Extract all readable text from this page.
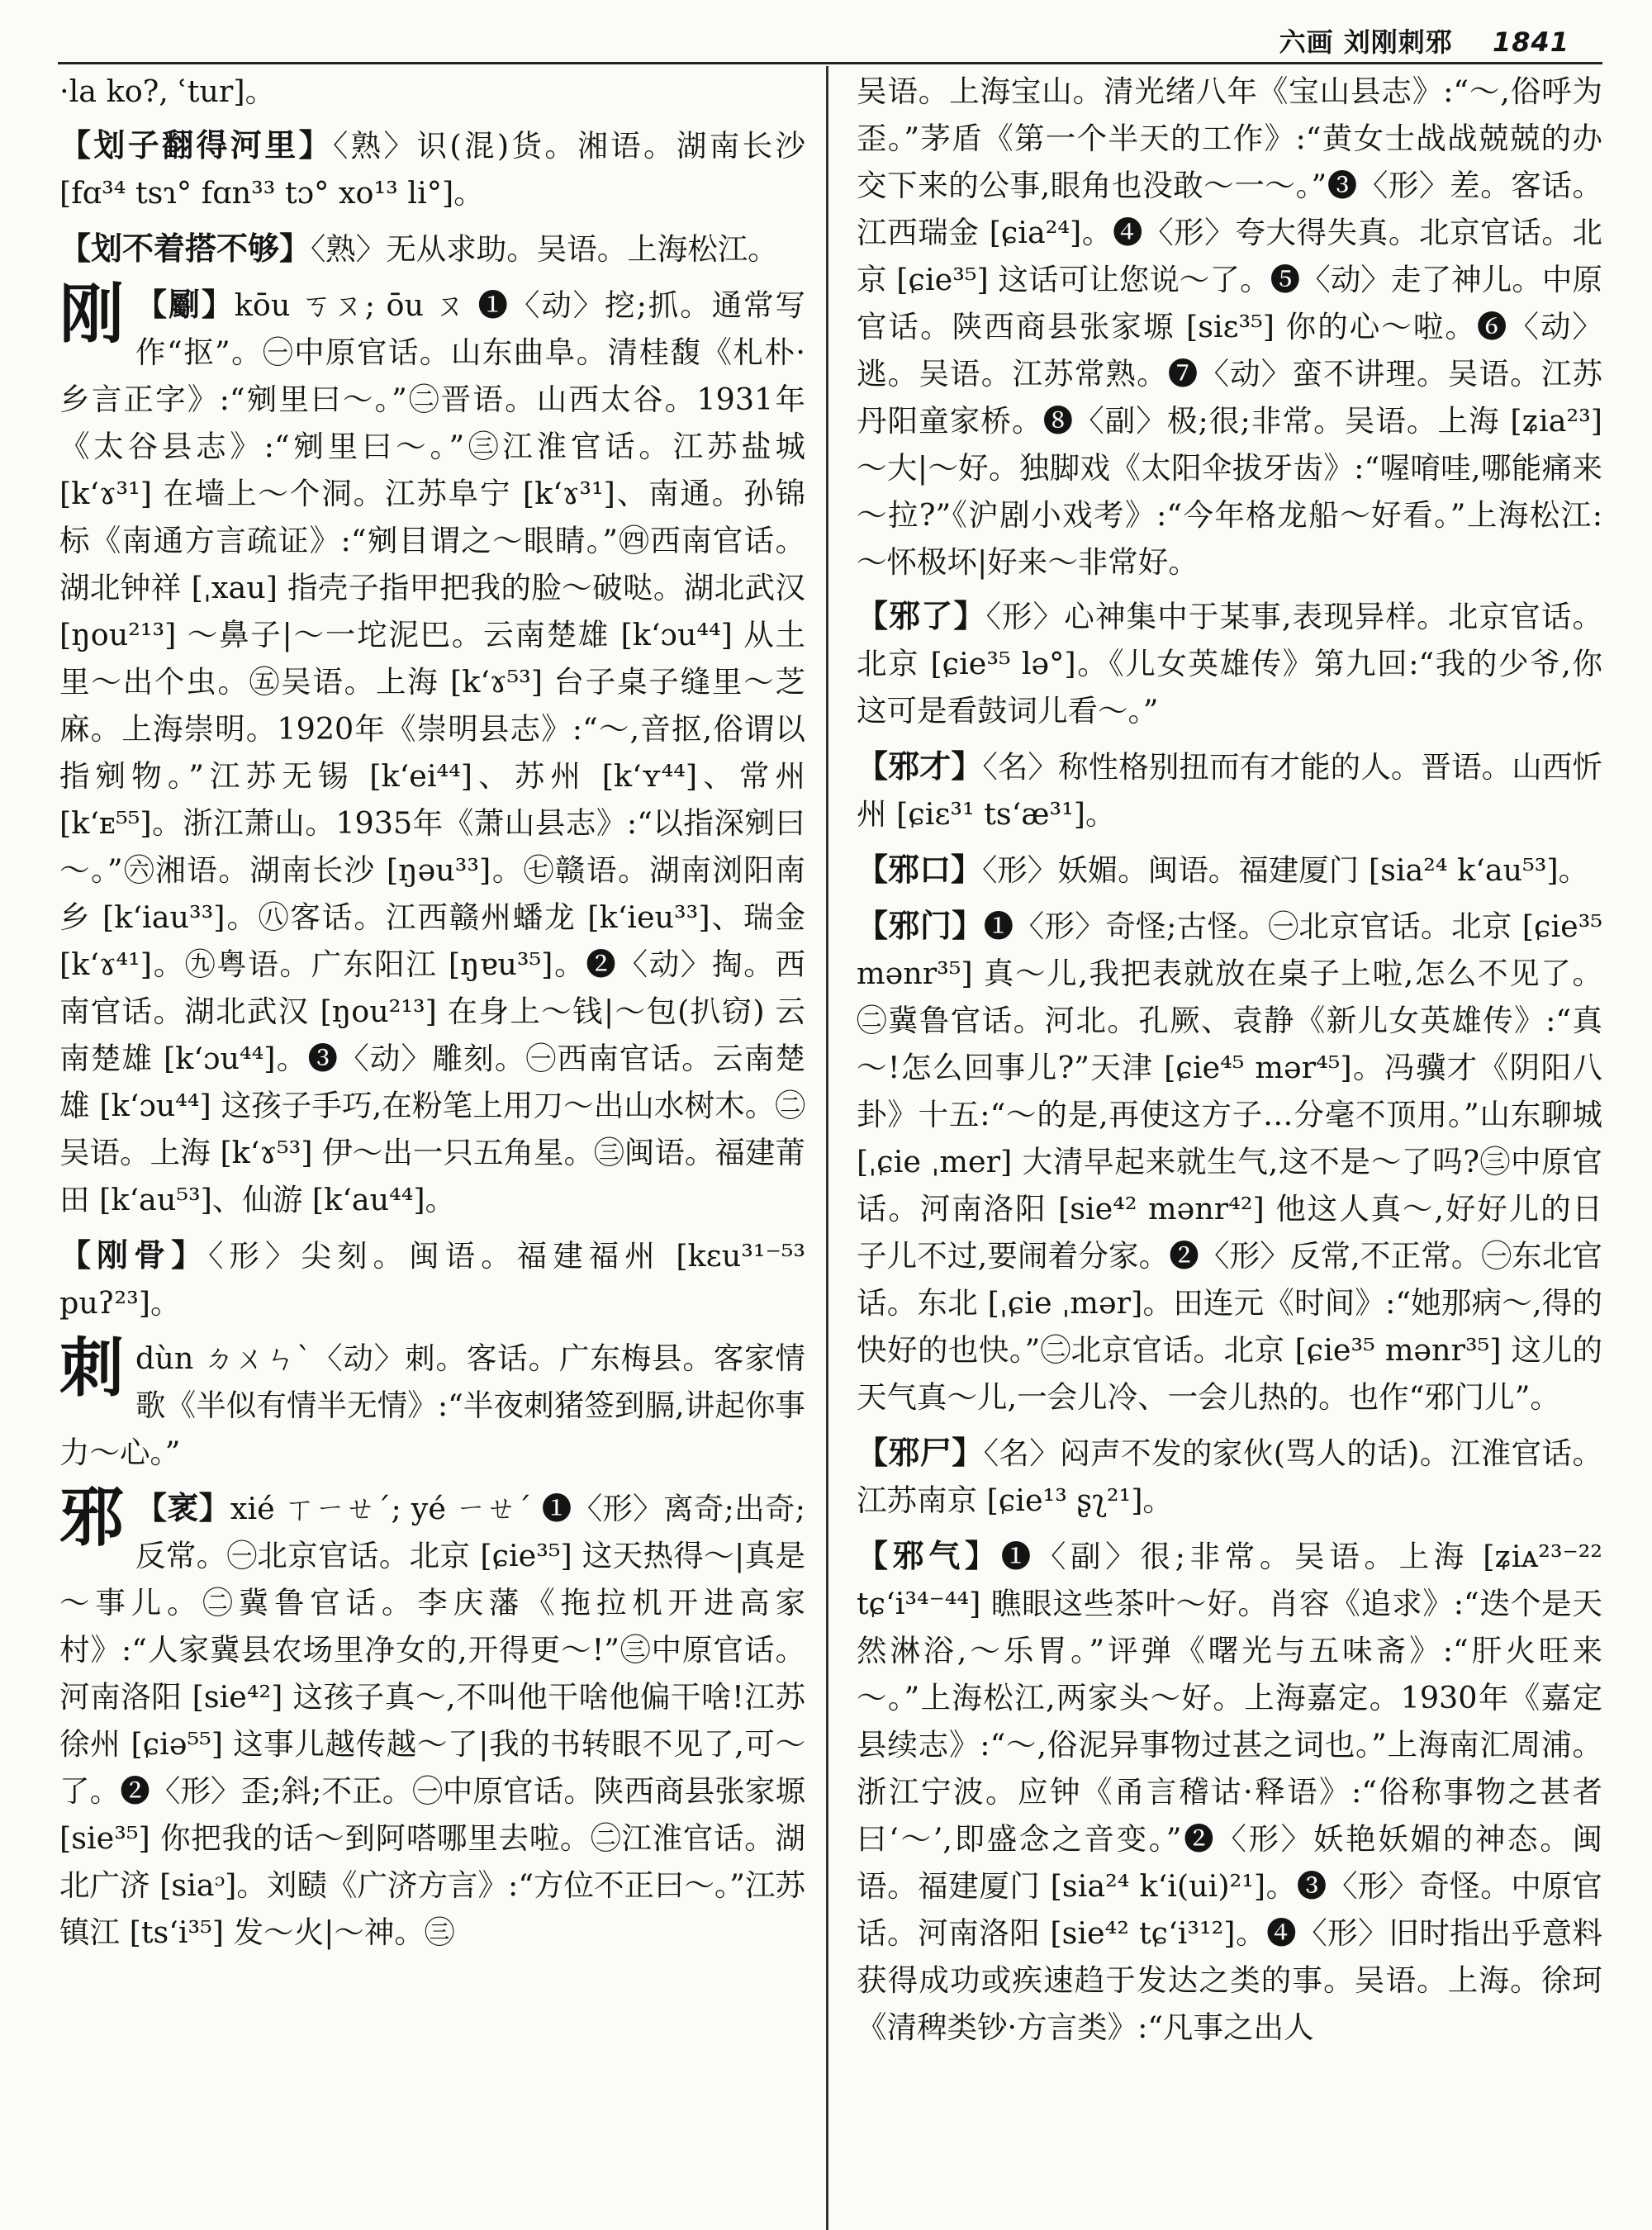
六画 刘刚刺邪 1841

·la ko?, ʿtur]。

【划子翻得河里】〈熟〉识(混)货。湘语。湖南长沙 [fɑ³⁴ tsɿ° fɑn³³ tɔ° xo¹³ li°]。

【划不着搭不够】〈熟〉无从求助。吴语。上海松江。

刚 【劚】kōu ㄎㄡ; ōu ㄡ ❶〈动〉挖;抓。通常写作“抠”。㊀中原官话。山东曲阜。清桂馥《札朴·乡言正字》:“剜里曰～。”㊁晋语。山西太谷。1931年《太谷县志》:“剜里曰～。”㊂江淮官话。江苏盐城 [k‘ɤ³¹] 在墙上～个洞。江苏阜宁 [k‘ɤ³¹]、南通。孙锦标《南通方言疏证》:“剜目谓之～眼睛。”㊃西南官话。湖北钟祥 [ˌxau] 指壳子指甲把我的脸～破哒。湖北武汉 [ŋou²¹³] ～鼻子|～一坨泥巴。云南楚雄 [k‘ɔu⁴⁴] 从土里～出个虫。㊄吴语。上海 [k‘ɤ⁵³] 台子桌子缝里～芝麻。上海崇明。1920年《崇明县志》:“～,音抠,俗谓以指剜物。”江苏无锡 [k‘ei⁴⁴]、苏州 [k‘ʏ⁴⁴]、常州 [k‘ᴇ⁵⁵]。浙江萧山。1935年《萧山县志》:“以指深剜曰～。”㊅湘语。湖南长沙 [ŋəu³³]。㊆赣语。湖南浏阳南乡 [k‘iau³³]。㊇客话。江西赣州蟠龙 [k‘ieu³³]、瑞金 [k‘ɤ⁴¹]。㊈粤语。广东阳江 [ŋɐu³⁵]。❷〈动〉掏。西南官话。湖北武汉 [ŋou²¹³] 在身上～钱|～包(扒窃) 云南楚雄 [k‘ɔu⁴⁴]。❸〈动〉雕刻。㊀西南官话。云南楚雄 [k‘ɔu⁴⁴] 这孩子手巧,在粉笔上用刀～出山水树木。㊁吴语。上海 [k‘ɤ⁵³] 伊～出一只五角星。㊂闽语。福建莆田 [k‘au⁵³]、仙游 [k‘au⁴⁴]。

【刚骨】〈形〉尖刻。闽语。福建福州 [kɛu³¹⁻⁵³ puʔ²³]。

刺dùn ㄉㄨㄣˋ〈动〉刺。客话。广东梅县。客家情歌《半似有情半无情》:“半夜刺猪签到膈,讲起你事力～心。”

邪 【衺】xié ㄒㄧㄝˊ; yé ㄧㄝˊ ❶〈形〉离奇;出奇;反常。㊀北京官话。北京 [ɕie³⁵] 这天热得～|真是～事儿。㊁冀鲁官话。李庆藩《拖拉机开进高家村》:“人家冀县农场里净女的,开得更～!”㊂中原官话。河南洛阳 [sie⁴²] 这孩子真～,不叫他干啥他偏干啥!江苏徐州 [ɕiə⁵⁵] 这事儿越传越～了|我的书转眼不见了,可～了。❷〈形〉歪;斜;不正。㊀中原官话。陕西商县张家塬 [sie³⁵] 你把我的话～到阿嗒哪里去啦。㊁江淮官话。湖北广济 [siaᵓ]。刘赜《广济方言》:“方位不正曰～。”江苏镇江 [ts‘i³⁵] 发～火|～神。㊂

吴语。上海宝山。清光绪八年《宝山县志》:“～,俗呼为歪。”茅盾《第一个半天的工作》:“黄女士战战兢兢的办交下来的公事,眼角也没敢～一～。”❸〈形〉差。客话。江西瑞金 [ɕia²⁴]。❹〈形〉夸大得失真。北京官话。北京 [ɕie³⁵] 这话可让您说～了。❺〈动〉走了神儿。中原官话。陕西商县张家塬 [siɛ³⁵] 你的心～啦。❻〈动〉逃。吴语。江苏常熟。❼〈动〉蛮不讲理。吴语。江苏丹阳童家桥。❽〈副〉极;很;非常。吴语。上海 [ʑia²³] ～大|～好。独脚戏《太阳伞拔牙齿》:“喔唷哇,哪能痛来～拉?”《沪剧小戏考》:“今年格龙船～好看。”上海松江:～怀极坏|好来～非常好。

【邪了】〈形〉心神集中于某事,表现异样。北京官话。北京 [ɕie³⁵ lə°]。《儿女英雄传》第九回:“我的少爷,你这可是看鼓词儿看～。”

【邪才】〈名〉称性格别扭而有才能的人。晋语。山西忻州 [ɕiɛ³¹ ts‘æ³¹]。

【邪口】〈形〉妖媚。闽语。福建厦门 [sia²⁴ k‘au⁵³]。

【邪门】❶〈形〉奇怪;古怪。㊀北京官话。北京 [ɕie³⁵ mənr³⁵] 真～儿,我把表就放在桌子上啦,怎么不见了。㊁冀鲁官话。河北。孔厥、袁静《新儿女英雄传》:“真～!怎么回事儿?”天津 [ɕie⁴⁵ mər⁴⁵]。冯骥才《阴阳八卦》十五:“～的是,再使这方子…分毫不顶用。”山东聊城 [ˌɕie ˌmer] 大清早起来就生气,这不是～了吗?㊂中原官话。河南洛阳 [sie⁴² mənr⁴²] 他这人真～,好好儿的日子儿不过,要闹着分家。❷〈形〉反常,不正常。㊀东北官话。东北 [ˌɕie ˌmər]。田连元《时间》:“她那病～,得的快好的也快。”㊁北京官话。北京 [ɕie³⁵ mənr³⁵] 这儿的天气真～儿,一会儿冷、一会儿热的。也作“邪门儿”。

【邪尸】〈名〉闷声不发的家伙(骂人的话)。江淮官话。江苏南京 [ɕie¹³ ʂʅ²¹]。

【邪气】❶〈副〉很;非常。吴语。上海 [ʑiᴀ²³⁻²² tɕ‘i³⁴⁻⁴⁴] 瞧眼这些茶叶～好。肖容《追求》:“迭个是天然淋浴,～乐胃。”评弹《曙光与五味斋》:“肝火旺来～。”上海松江,两家头～好。上海嘉定。1930年《嘉定县续志》:“～,俗泥异事物过甚之词也。”上海南汇周浦。浙江宁波。应钟《甬言稽诂·释语》:“俗称事物之甚者曰‘～’,即盛念之音变。”❷〈形〉妖艳妖媚的神态。闽语。福建厦门 [sia²⁴ k‘i(ui)²¹]。❸〈形〉奇怪。中原官话。河南洛阳 [sie⁴² tɕ‘i³¹²]。❹〈形〉旧时指出乎意料获得成功或疾速趋于发达之类的事。吴语。上海。徐珂《清稗类钞·方言类》:“凡事之出人
